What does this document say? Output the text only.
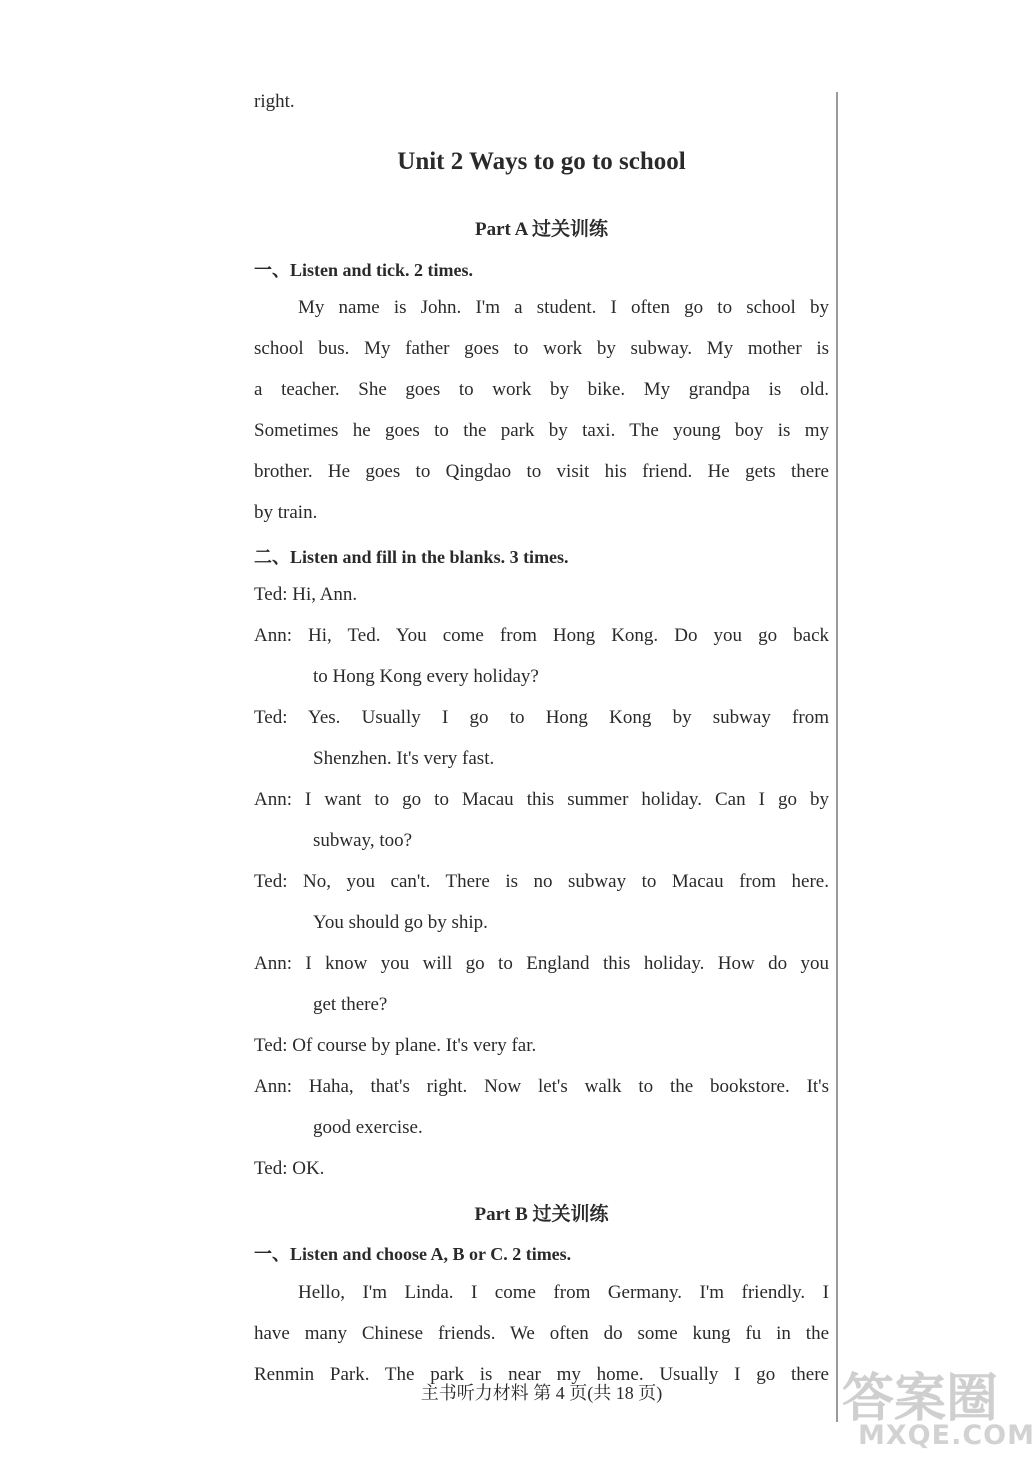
right.
Unit 2 Ways to go to school
Part A 过关训练
一、Listen and tick. 2 times.
My name is John. I'm a student. I often go to school by
school bus. My father goes to work by subway. My mother is
a teacher. She goes to work by bike. My grandpa is old.
Sometimes he goes to the park by taxi. The young boy is my
brother. He goes to Qingdao to visit his friend. He gets there
by train.
二、Listen and fill in the blanks. 3 times.
Ted: Hi, Ann.
Ann: Hi, Ted. You come from Hong Kong. Do you go back
to Hong Kong every holiday?
Ted: Yes. Usually I go to Hong Kong by subway from
Shenzhen. It's very fast.
Ann: I want to go to Macau this summer holiday. Can I go by
subway, too?
Ted: No, you can't. There is no subway to Macau from here.
You should go by ship.
Ann: I know you will go to England this holiday. How do you
get there?
Ted: Of course by plane. It's very far.
Ann: Haha, that's right. Now let's walk to the bookstore. It's
good exercise.
Ted: OK.
Part B 过关训练
一、Listen and choose A, B or C. 2 times.
Hello, I'm Linda. I come from Germany. I'm friendly. I
have many Chinese friends. We often do some kung fu in the
Renmin Park. The park is near my home. Usually I go there
主书听力材料 第 4 页(共 18 页)	答案圈
MXQE.COM
